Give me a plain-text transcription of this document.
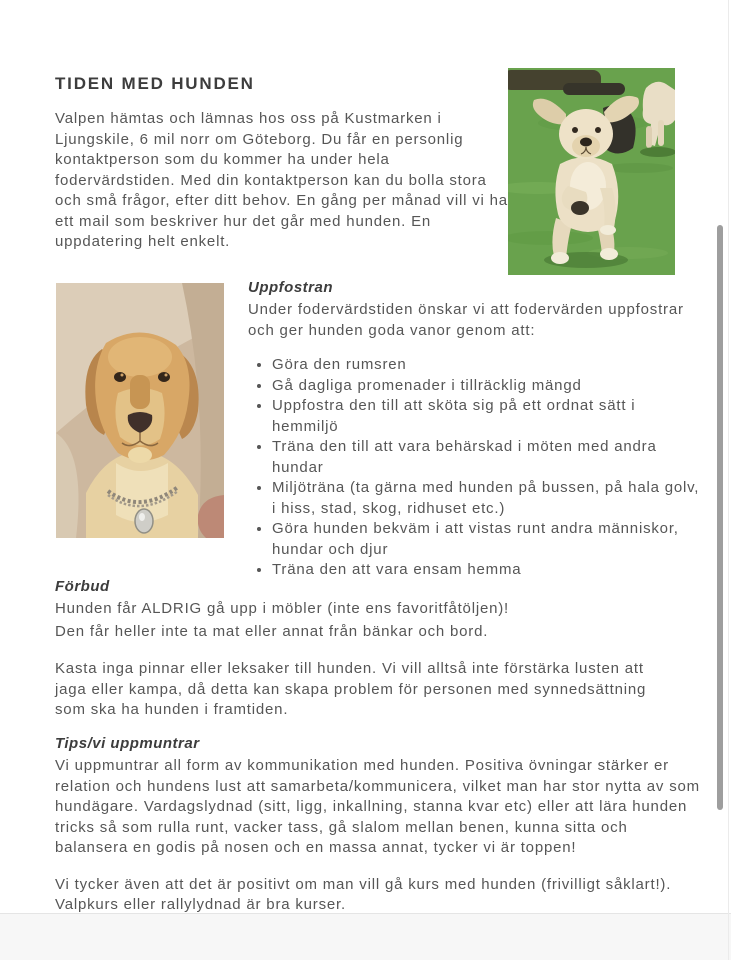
TIDEN MED HUNDEN

Valpen hämtas och lämnas hos oss på Kustmarken i Ljungskile, 6 mil norr om Göteborg. Du får en personlig kontaktperson som du kommer ha under hela fodervärdstiden. Med din kontaktperson kan du bolla stora och små frågor, efter ditt behov. En gång per månad vill vi ha ett mail som beskriver hur det går med hunden. En uppdatering helt enkelt.

Uppfostran

Under fodervärdstiden önskar vi att fodervärden uppfostrar och ger hunden goda vanor genom att:

• Göra den rumsren
• Gå dagliga promenader i tillräcklig mängd
• Uppfostra den till att sköta sig på ett ordnat sätt i hemmiljö
• Träna den till att vara behärskad i möten med andra hundar
• Miljöträna (ta gärna med hunden på bussen, på hala golv, i hiss, stad, skog, ridhuset etc.)
• Göra hunden bekväm i att vistas runt andra människor, hundar och djur
• Träna den att vara ensam hemma
Förbud

Hunden får ALDRIG gå upp i möbler (inte ens favoritfåtöljen)!

Den får heller inte ta mat eller annat från bänkar och bord.

Kasta inga pinnar eller leksaker till hunden. Vi vill alltså inte förstärka lusten att jaga eller kampa, då detta kan skapa problem för personen med synnedsättning som ska ha hunden i framtiden.

Tips/vi uppmuntrar

Vi uppmuntrar all form av kommunikation med hunden. Positiva övningar stärker er relation och hundens lust att samarbeta/kommunicera, vilket man har stor nytta av som hundägare. Vardagslydnad (sitt, ligg, inkallning, stanna kvar etc) eller att lära hunden tricks så som rulla runt, vacker tass, gå slalom mellan benen, kunna sitta och balansera en godis på nosen och en massa annat, tycker vi är toppen!

Vi tycker även att det är positivt om man vill gå kurs med hunden (frivilligt såklart!). Valpkurs eller rallylydnad är bra kurser.
